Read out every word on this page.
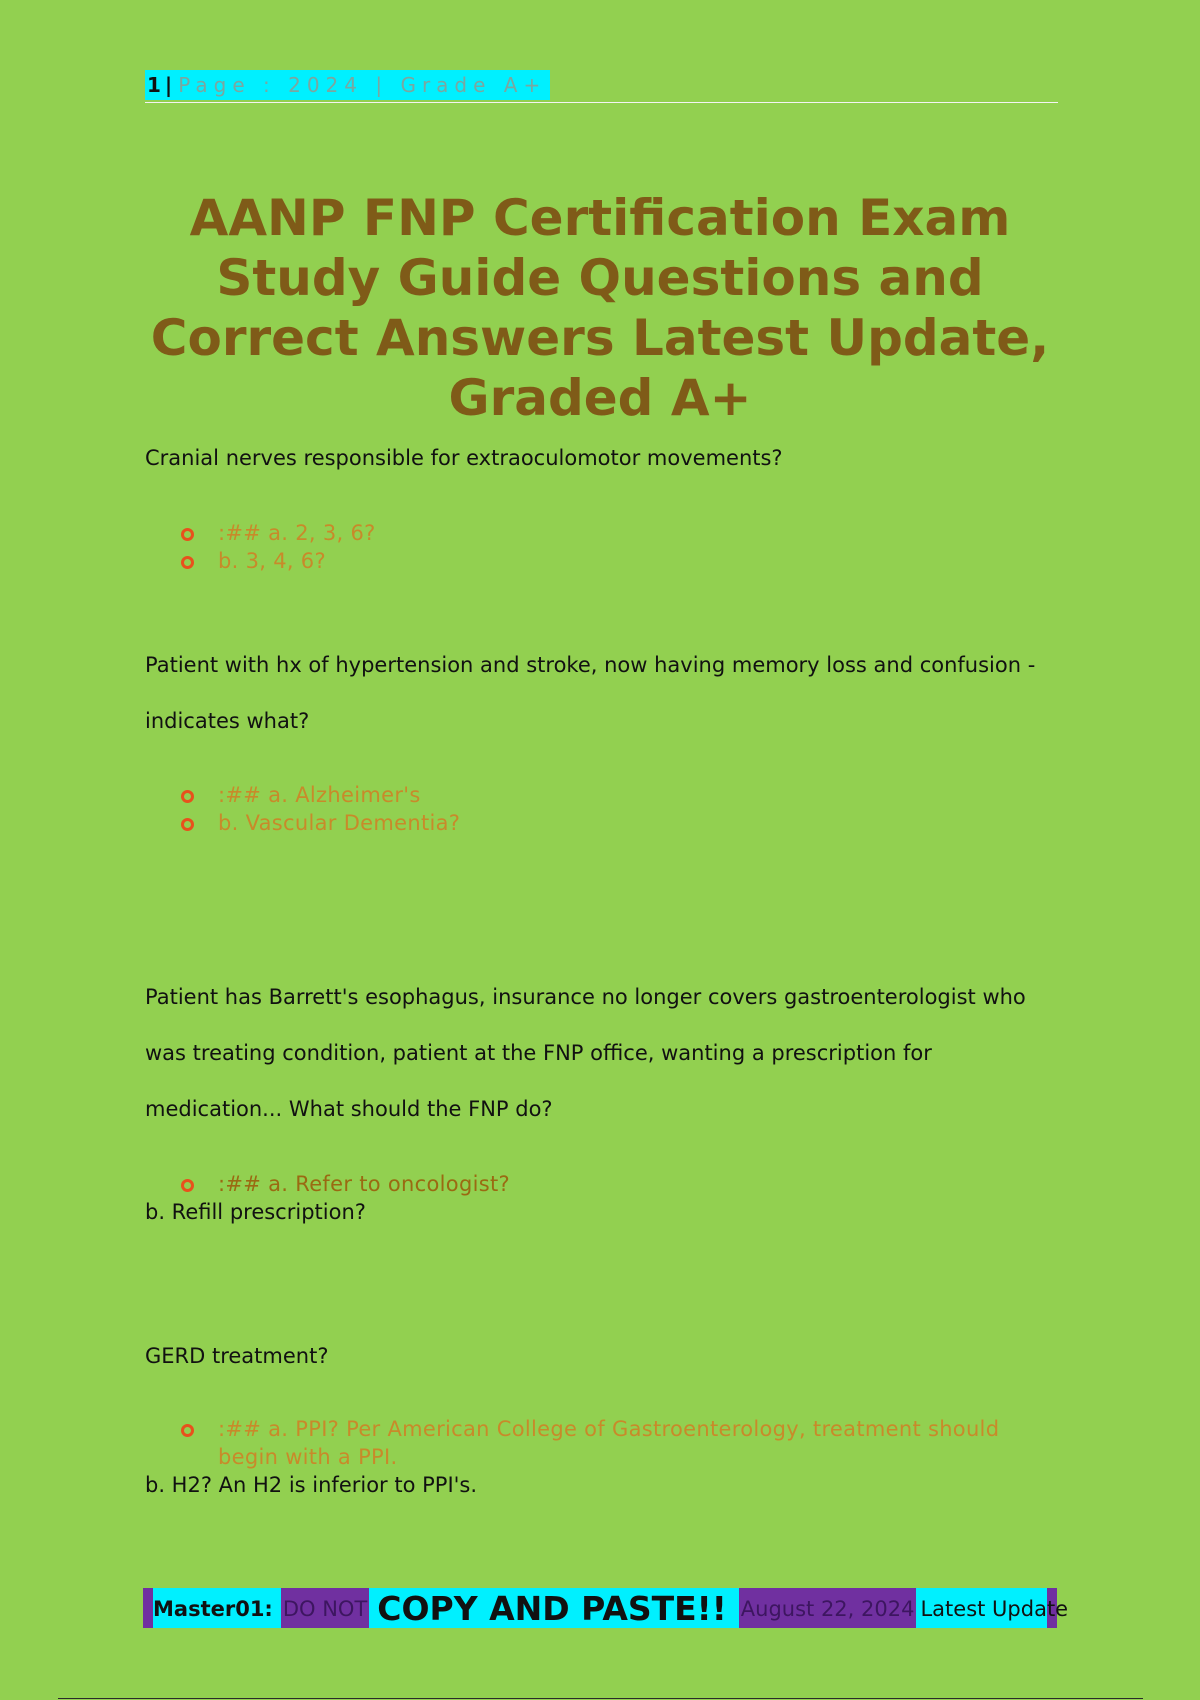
1 | Page : 2024 | Grade A+
AANP FNP Certification Exam Study Guide Questions and Correct Answers Latest Update, Graded A+

Cranial nerves responsible for extraoculomotor movements?

:## a. 2, 3, 6?
b. 3, 4, 6?

Patient with hx of hypertension and stroke, now having memory loss and confusion - indicates what?

:## a. Alzheimer's
b. Vascular Dementia?

Patient has Barrett's esophagus, insurance no longer covers gastroenterologist who was treating condition, patient at the FNP office, wanting a prescription for medication... What should the FNP do?

:## a. Refer to oncologist?

b. Refill prescription?

GERD treatment?

:## a. PPI? Per American College of Gastroenterology, treatment should begin with a PPI.

b. H2? An H2 is inferior to PPI's.

Master01: DO NOT COPY AND PASTE!! August 22, 2024 Latest Update
